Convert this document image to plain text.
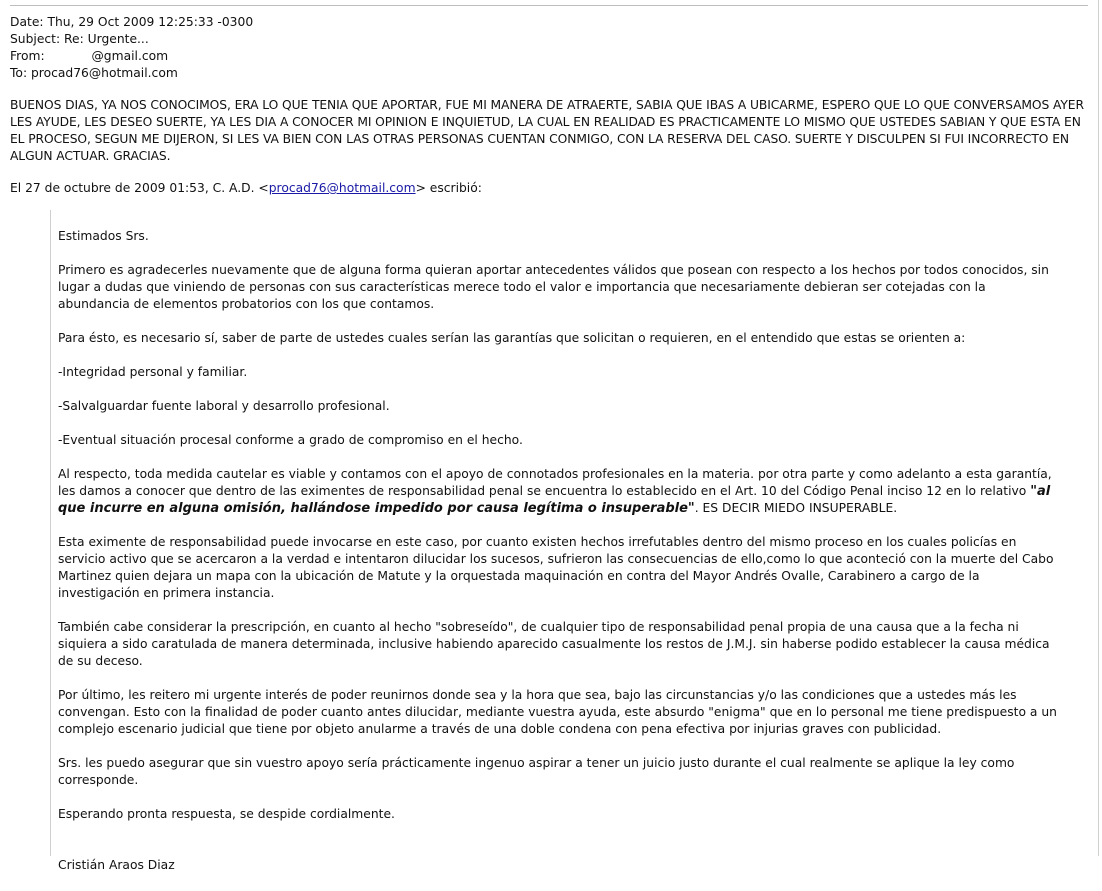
Date: Thu, 29 Oct 2009 12:25:33 -0300
Subject: Re: Urgente...
From:            @gmail.com
To: procad76@hotmail.com
BUENOS DIAS, YA NOS CONOCIMOS, ERA LO QUE TENIA QUE APORTAR, FUE MI MANERA DE ATRAERTE, SABIA QUE IBAS A UBICARME, ESPERO QUE LO QUE CONVERSAMOS AYER LES AYUDE, LES DESEO SUERTE, YA LES DIA A CONOCER MI OPINION E INQUIETUD, LA CUAL EN REALIDAD ES PRACTICAMENTE LO MISMO QUE USTEDES SABIAN Y QUE ESTA EN EL PROCESO, SEGUN ME DIJERON, SI LES VA BIEN CON LAS OTRAS PERSONAS CUENTAN CONMIGO, CON LA RESERVA DEL CASO. SUERTE Y DISCULPEN SI FUI INCORRECTO EN ALGUN ACTUAR. GRACIAS.
El 27 de octubre de 2009 01:53, C. A.D. <procad76@hotmail.com> escribió:

Estimados Srs.

Primero es agradecerles nuevamente que de alguna forma quieran aportar antecedentes válidos que posean con respecto a los hechos por todos conocidos, sin lugar a dudas que viniendo de personas con sus características merece todo el valor e importancia que necesariamente debieran ser cotejadas con la abundancia de elementos probatorios con los que contamos.

Para ésto, es necesario sí, saber de parte de ustedes cuales serían las garantías que solicitan o requieren, en el entendido que estas se orienten a:

-Integridad personal y familiar.

-Salvalguardar fuente laboral y desarrollo profesional.

-Eventual situación procesal conforme a grado de compromiso en el hecho.

Al respecto, toda medida cautelar es viable y contamos con el apoyo de connotados profesionales en la materia. por otra parte y como adelanto a esta garantía, les damos a conocer que dentro de las eximentes de responsabilidad penal se encuentra lo establecido en el Art. 10 del Código Penal inciso 12 en lo relativo "al que incurre en alguna omisión, hallándose impedido por causa legítima o insuperable". ES DECIR MIEDO INSUPERABLE.

Esta eximente de responsabilidad puede invocarse en este caso, por cuanto existen hechos irrefutables dentro del mismo proceso en los cuales policías en servicio activo que se acercaron a la verdad e intentaron dilucidar los sucesos, sufrieron las consecuencias de ello,como lo que aconteció con la muerte del Cabo Martinez quien dejara un mapa con la ubicación de Matute y la orquestada maquinación en contra del Mayor Andrés Ovalle, Carabinero a cargo de la investigación en primera instancia.

También cabe considerar la prescripción, en cuanto al hecho "sobreseído", de cualquier tipo de responsabilidad penal propia de una causa que a la fecha ni siquiera a sido caratulada de manera determinada, inclusive habiendo aparecido casualmente los restos de J.M.J. sin haberse podido establecer la causa médica de su deceso.

Por último, les reitero mi urgente interés de poder reunirnos donde sea y la hora que sea, bajo las circunstancias y/o las condiciones que a ustedes más les convengan. Esto con la finalidad de poder cuanto antes dilucidar, mediante vuestra ayuda, este absurdo "enigma" que en lo personal me tiene predispuesto a un complejo escenario judicial que tiene por objeto anularme a través de una doble condena con pena efectiva por injurias graves con publicidad.

Srs. les puedo asegurar que sin vuestro apoyo sería prácticamente ingenuo aspirar a tener un juicio justo durante el cual realmente se aplique la ley como corresponde.

Esperando pronta respuesta, se despide cordialmente.

Cristián Araos Diaz
